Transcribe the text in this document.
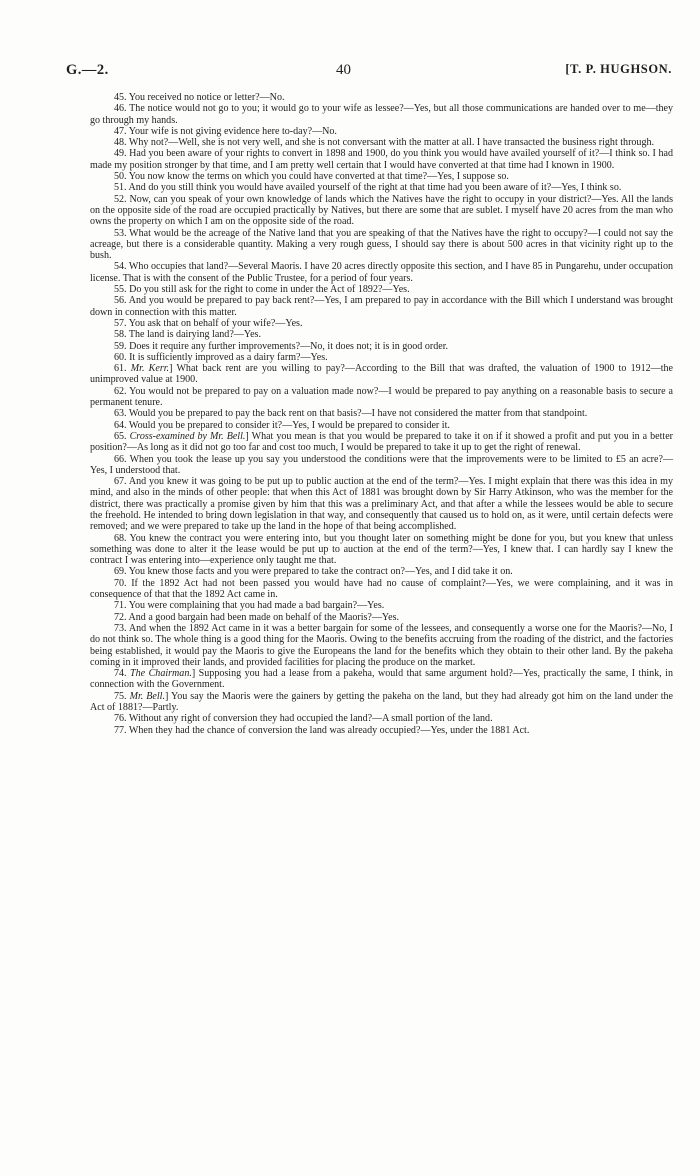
G.—2.	40	[T. P. HUGHSON.

45. You received no notice or letter?—No.

46. The notice would not go to you; it would go to your wife as lessee?—Yes, but all those communications are handed over to me—they go through my hands.

47. Your wife is not giving evidence here to-day?—No.

48. Why not?—Well, she is not very well, and she is not conversant with the matter at all. I have transacted the business right through.

49. Had you been aware of your rights to convert in 1898 and 1900, do you think you would have availed yourself of it?—I think so. I had made my position stronger by that time, and I am pretty well certain that I would have converted at that time had I known in 1900.

50. You now know the terms on which you could have converted at that time?—Yes, I suppose so.

51. And do you still think you would have availed yourself of the right at that time had you been aware of it?—Yes, I think so.

52. Now, can you speak of your own knowledge of lands which the Natives have the right to occupy in your district?—Yes. All the lands on the opposite side of the road are occupied practically by Natives, but there are some that are sublet. I myself have 20 acres from the man who owns the property on which I am on the opposite side of the road.

53. What would be the acreage of the Native land that you are speaking of that the Natives have the right to occupy?—I could not say the acreage, but there is a considerable quantity. Making a very rough guess, I should say there is about 500 acres in that vicinity right up to the bush.

54. Who occupies that land?—Several Maoris. I have 20 acres directly opposite this section, and I have 85 in Pungarehu, under occupation license. That is with the consent of the Public Trustee, for a period of four years.

55. Do you still ask for the right to come in under the Act of 1892?—Yes.

56. And you would be prepared to pay back rent?—Yes, I am prepared to pay in accordance with the Bill which I understand was brought down in connection with this matter.

57. You ask that on behalf of your wife?—Yes.

58. The land is dairying land?—Yes.

59. Does it require any further improvements?—No, it does not; it is in good order.

60. It is sufficiently improved as a dairy farm?—Yes.

61. Mr. Kerr.] What back rent are you willing to pay?—According to the Bill that was drafted, the valuation of 1900 to 1912—the unimproved value at 1900.

62. You would not be prepared to pay on a valuation made now?—I would be prepared to pay anything on a reasonable basis to secure a permanent tenure.

63. Would you be prepared to pay the back rent on that basis?—I have not considered the matter from that standpoint.

64. Would you be prepared to consider it?—Yes, I would be prepared to consider it.

65. Cross-examined by Mr. Bell.] What you mean is that you would be prepared to take it on if it showed a profit and put you in a better position?—As long as it did not go too far and cost too much, I would be prepared to take it up to get the right of renewal.

66. When you took the lease up you say you understood the conditions were that the improvements were to be limited to £5 an acre?—Yes, I understood that.

67. And you knew it was going to be put up to public auction at the end of the term?—Yes. I might explain that there was this idea in my mind, and also in the minds of other people: that when this Act of 1881 was brought down by Sir Harry Atkinson, who was the member for the district, there was practically a promise given by him that this was a preliminary Act, and that after a while the lessees would be able to secure the freehold. He intended to bring down legislation in that way, and consequently that caused us to hold on, as it were, until certain defects were removed; and we were prepared to take up the land in the hope of that being accomplished.

68. You knew the contract you were entering into, but you thought later on something might be done for you, but you knew that unless something was done to alter it the lease would be put up to auction at the end of the term?—Yes, I knew that. I can hardly say I knew the contract I was entering into—experience only taught me that.

69. You knew those facts and you were prepared to take the contract on?—Yes, and I did take it on.

70. If the 1892 Act had not been passed you would have had no cause of complaint?—Yes, we were complaining, and it was in consequence of that that the 1892 Act came in.

71. You were complaining that you had made a bad bargain?—Yes.

72. And a good bargain had been made on behalf of the Maoris?—Yes.

73. And when the 1892 Act came in it was a better bargain for some of the lessees, and consequently a worse one for the Maoris?—No, I do not think so. The whole thing is a good thing for the Maoris. Owing to the benefits accruing from the roading of the district, and the factories being established, it would pay the Maoris to give the Europeans the land for the benefits which they obtain to their other land. By the pakeha coming in it improved their lands, and provided facilities for placing the produce on the market.

74. The Chairman.] Supposing you had a lease from a pakeha, would that same argument hold?—Yes, practically the same, I think, in connection with the Government.

75. Mr. Bell.] You say the Maoris were the gainers by getting the pakeha on the land, but they had already got him on the land under the Act of 1881?—Partly.

76. Without any right of conversion they had occupied the land?—A small portion of the land.

77. When they had the chance of conversion the land was already occupied?—Yes, under the 1881 Act.
